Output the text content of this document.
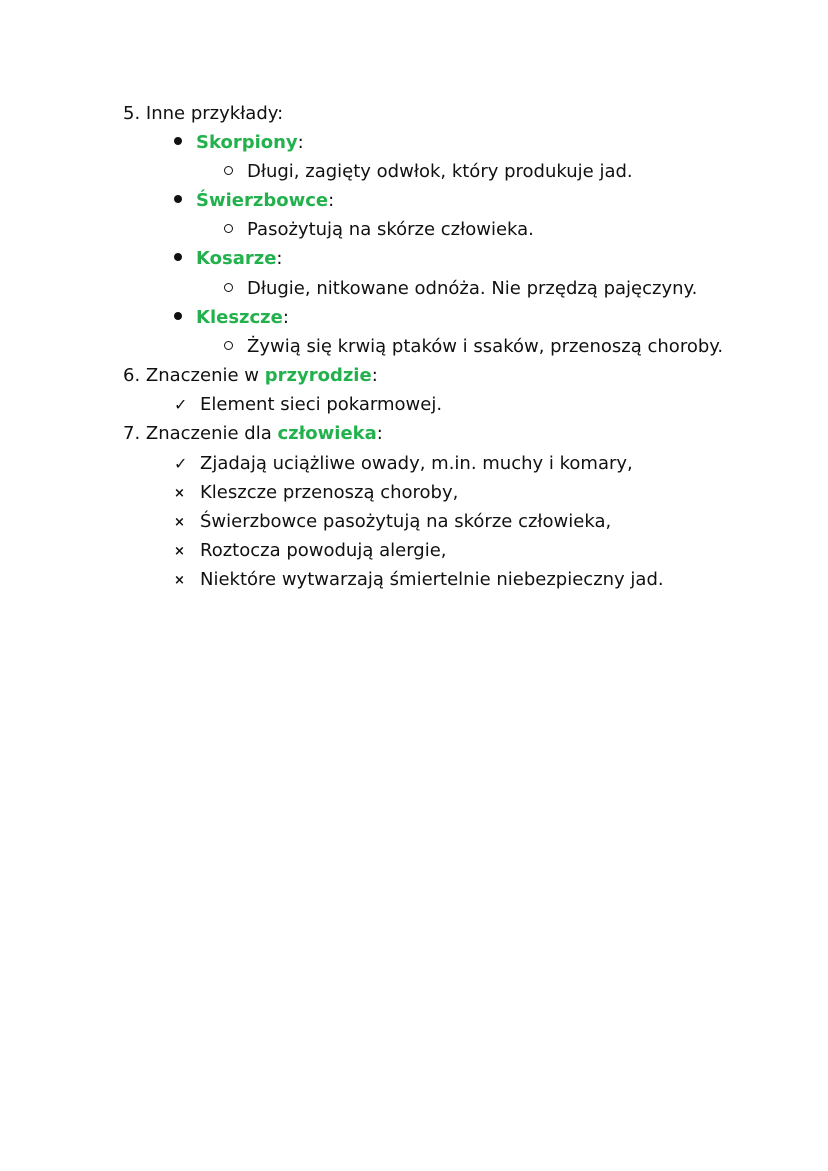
5. Inne przykłady:
Skorpiony:
Długi, zagięty odwłok, który produkuje jad.
Świerzbowce:
Pasożytują na skórze człowieka.
Kosarze:
Długie, nitkowane odnóża. Nie przędzą pajęczyny.
Kleszcze:
Żywią się krwią ptaków i ssaków, przenoszą choroby.
6. Znaczenie w przyrodzie:
✓ Element sieci pokarmowej.
7. Znaczenie dla człowieka:
✓ Zjadają uciążliwe owady, m.in. muchy i komary,
× Kleszcze przenoszą choroby,
× Świerzbowce pasożytują na skórze człowieka,
× Roztocza powodują alergie,
× Niektóre wytwarzają śmiertelnie niebezpieczny jad.
